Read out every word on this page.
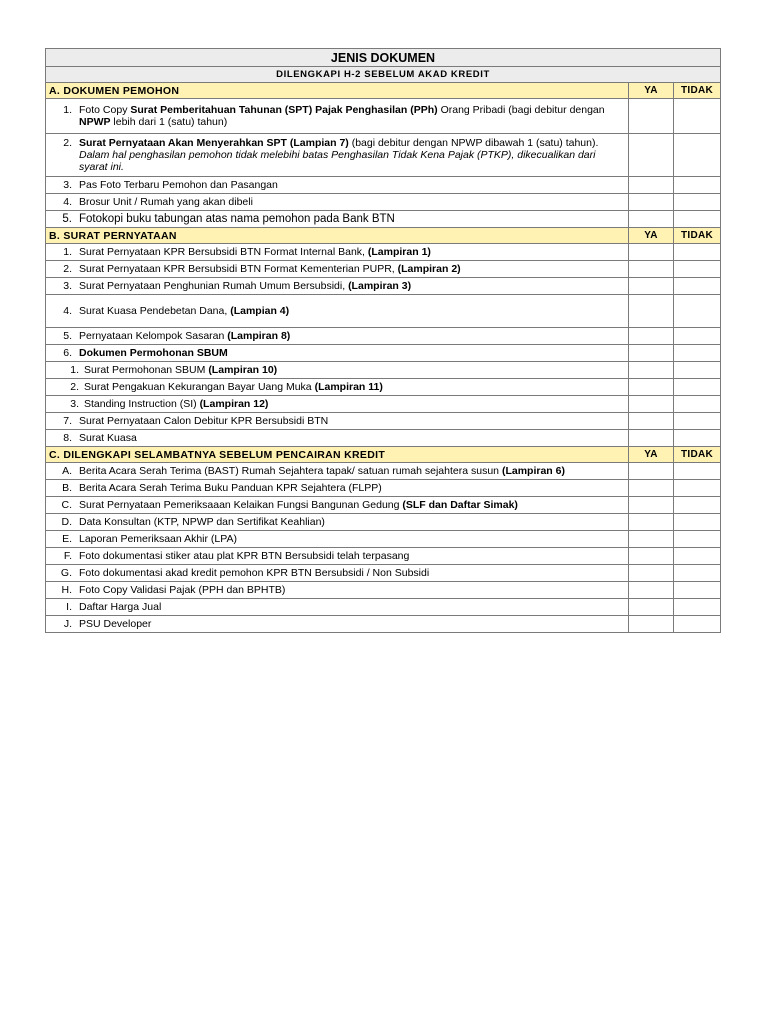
JENIS DOKUMEN		
DILENGKAPI H-2 SEBELUM AKAD KREDIT		
A. DOKUMEN PEMOHON	YA	TIDAK

1. Foto Copy Surat Pemberitahuan Tahunan (SPT) Pajak Penghasilan (PPh) Orang Pribadi (bagi debitur dengan NPWP lebih dari 1 (satu) tahun)		

2. Surat Pernyataan Akan Menyerahkan SPT (Lampian 7) (bagi debitur dengan NPWP dibawah 1 (satu) tahun).
Dalam hal penghasilan pemohon tidak melebihi batas Penghasilan Tidak Kena Pajak (PTKP), dikecualikan dari syarat ini.		

3. Pas Foto Terbaru Pemohon dan Pasangan		

4. Brosur Unit / Rumah yang akan dibeli		

5. Fotokopi buku tabungan atas nama pemohon pada Bank BTN		

B. SURAT PERNYATAAN	YA	TIDAK

1. Surat Pernyataan KPR Bersubsidi BTN Format Internal Bank, (Lampiran 1)		

2. Surat Pernyataan KPR Bersubsidi BTN Format Kementerian PUPR, (Lampiran 2)		

3. Surat Pernyataan Penghunian Rumah Umum Bersubsidi, (Lampiran 3)		

4. Surat Kuasa Pendebetan Dana, (Lampian 4)		

5. Pernyataan Kelompok Sasaran (Lampiran 8)		

6. Dokumen Permohonan SBUM		

1. Surat Permohonan SBUM (Lampiran 10)		

2. Surat Pengakuan Kekurangan Bayar Uang Muka (Lampiran 11)		

3. Standing Instruction (SI) (Lampiran 12)		

7. Surat Pernyataan Calon Debitur KPR Bersubsidi BTN		

8. Surat Kuasa		

C. DILENGKAPI SELAMBATNYA SEBELUM PENCAIRAN KREDIT	YA	TIDAK

A. Berita Acara Serah Terima (BAST) Rumah Sejahtera tapak/ satuan rumah sejahtera susun (Lampiran 6)		

B. Berita Acara Serah Terima Buku Panduan KPR Sejahtera (FLPP)		

C. Surat Pernyataan Pemeriksaaan Kelaikan Fungsi Bangunan Gedung (SLF dan Daftar Simak)		

D. Data Konsultan (KTP, NPWP dan Sertifikat Keahlian)		

E. Laporan Pemeriksaan Akhir (LPA)		

F. Foto dokumentasi stiker atau plat KPR BTN Bersubsidi telah terpasang		

G. Foto dokumentasi akad kredit pemohon KPR BTN Bersubsidi / Non Subsidi		

H. Foto Copy Validasi Pajak (PPH dan BPHTB)		

I. Daftar Harga Jual		

J. PSU Developer		
